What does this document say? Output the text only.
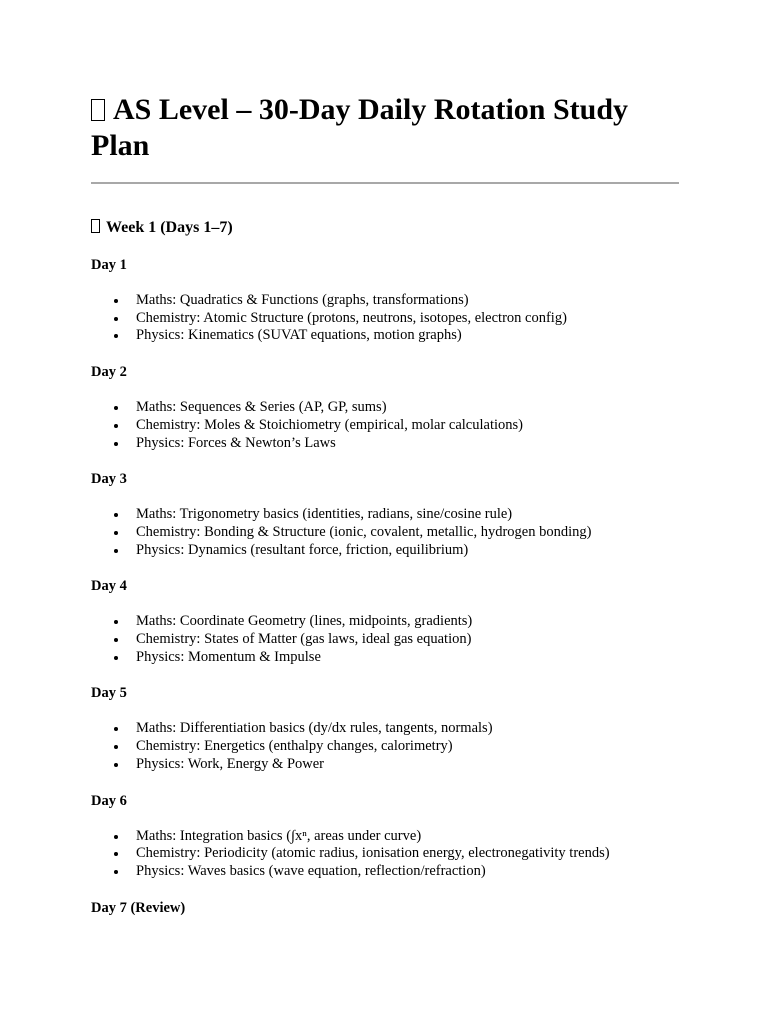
AS Level – 30-Day Daily Rotation Study Plan
Week 1 (Days 1–7)
Day 1
Maths: Quadratics & Functions (graphs, transformations)
Chemistry: Atomic Structure (protons, neutrons, isotopes, electron config)
Physics: Kinematics (SUVAT equations, motion graphs)
Day 2
Maths: Sequences & Series (AP, GP, sums)
Chemistry: Moles & Stoichiometry (empirical, molar calculations)
Physics: Forces & Newton’s Laws
Day 3
Maths: Trigonometry basics (identities, radians, sine/cosine rule)
Chemistry: Bonding & Structure (ionic, covalent, metallic, hydrogen bonding)
Physics: Dynamics (resultant force, friction, equilibrium)
Day 4
Maths: Coordinate Geometry (lines, midpoints, gradients)
Chemistry: States of Matter (gas laws, ideal gas equation)
Physics: Momentum & Impulse
Day 5
Maths: Differentiation basics (dy/dx rules, tangents, normals)
Chemistry: Energetics (enthalpy changes, calorimetry)
Physics: Work, Energy & Power
Day 6
Maths: Integration basics (∫xⁿ, areas under curve)
Chemistry: Periodicity (atomic radius, ionisation energy, electronegativity trends)
Physics: Waves basics (wave equation, reflection/refraction)
Day 7 (Review)
